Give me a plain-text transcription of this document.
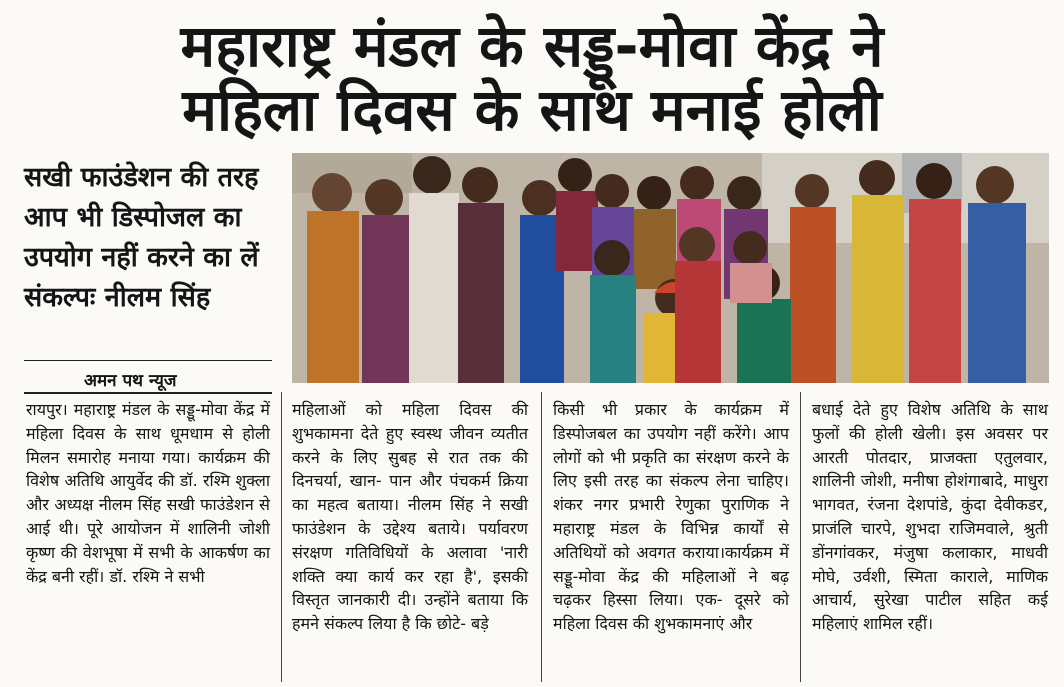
महाराष्ट्र मंडल के सड्डू-मोवा केंद्र ने
महिला दिवस के साथ मनाई होली
सखी फाउंडेशन की तरह आप भी डिस्पोजल का उपयोग नहीं करने का लें संकल्पः नीलम सिंह
अमन पथ न्यूज
रायपुर। महाराष्ट्र मंडल के सड्डू-मोवा केंद्र में महिला दिवस के साथ धूमधाम से होली मिलन समारोह मनाया गया। कार्यक्रम की विशेष अतिथि आयुर्वेद की डॉ. रश्मि शुक्ला और अध्यक्ष नीलम सिंह सखी फाउंडेशन से आई थी। पूरे आयोजन में शालिनी जोशी कृष्ण की वेशभूषा में सभी के आकर्षण का केंद्र बनी रहीं। डॉ. रश्मि ने सभी
महिलाओं को महिला दिवस की शुभकामना देते हुए स्वस्थ जीवन व्यतीत करने के लिए सुबह से रात तक की दिनचर्या, खान- पान और पंचकर्म क्रिया का महत्व बताया। नीलम सिंह ने सखी फाउंडेशन के उद्देश्य बताये। पर्यावरण संरक्षण गतिविधियों के अलावा 'नारी शक्ति क्या कार्य कर रहा है', इसकी विस्तृत जानकारी दी। उन्होंने बताया कि हमने संकल्प लिया है कि छोटे- बड़े
किसी भी प्रकार के कार्यक्रम में डिस्पोजबल का उपयोग नहीं करेंगे। आप लोगों को भी प्रकृति का संरक्षण करने के लिए इसी तरह का संकल्प लेना चाहिए। शंकर नगर प्रभारी रेणुका पुराणिक ने महाराष्ट्र मंडल के विभिन्न कार्यों से अतिथियों को अवगत कराया।कार्यक्रम में सड्डू-मोवा केंद्र की महिलाओं ने बढ़ चढ़कर हिस्सा लिया। एक- दूसरे को महिला दिवस की शुभकामनाएं और
बधाई देते हुए विशेष अतिथि के साथ फुलों की होली खेली। इस अवसर पर आरती पोतदार, प्राजक्ता एतुलवार, शालिनी जोशी, मनीषा होशंगाबादे, माधुरा भागवत, रंजना देशपांडे, कुंदा देवीकडर, प्राजंलि चारपे, शुभदा राजिमवाले, श्रुती डोंनगांवकर, मंजुषा कलाकार, माधवी मोघे, उर्वशी, स्मिता काराले, माणिक आचार्य, सुरेखा पाटील सहित कई महिलाएं शामिल रहीं।
